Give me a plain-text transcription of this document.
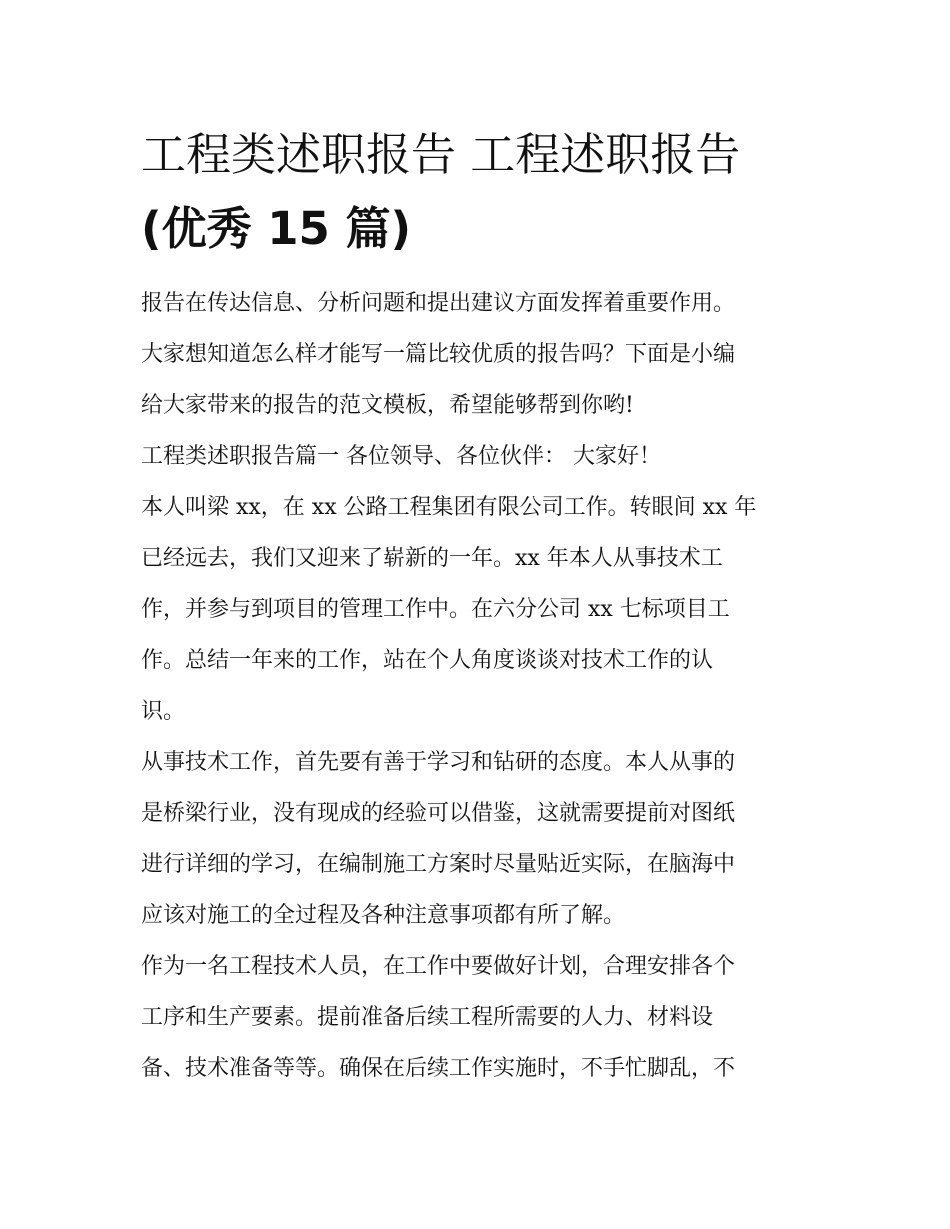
工程类述职报告 工程述职报告
(优秀 15 篇)

报告在传达信息、分析问题和提出建议方面发挥着重要作用。
大家想知道怎么样才能写一篇比较优质的报告吗？下面是小编
给大家带来的报告的范文模板，希望能够帮到你哟!

工程类述职报告篇一 各位领导、各位伙伴： 大家好！

本人叫梁 xx，在 xx 公路工程集团有限公司工作。转眼间 xx 年
已经远去，我们又迎来了崭新的一年。xx 年本人从事技术工
作，并参与到项目的管理工作中。在六分公司 xx 七标项目工
作。总结一年来的工作，站在个人角度谈谈对技术工作的认
识。

从事技术工作，首先要有善于学习和钻研的态度。本人从事的
是桥梁行业，没有现成的经验可以借鉴，这就需要提前对图纸
进行详细的学习，在编制施工方案时尽量贴近实际，在脑海中
应该对施工的全过程及各种注意事项都有所了解。

作为一名工程技术人员，在工作中要做好计划，合理安排各个
工序和生产要素。提前准备后续工程所需要的人力、材料设
备、技术准备等等。确保在后续工作实施时，不手忙脚乱，不
